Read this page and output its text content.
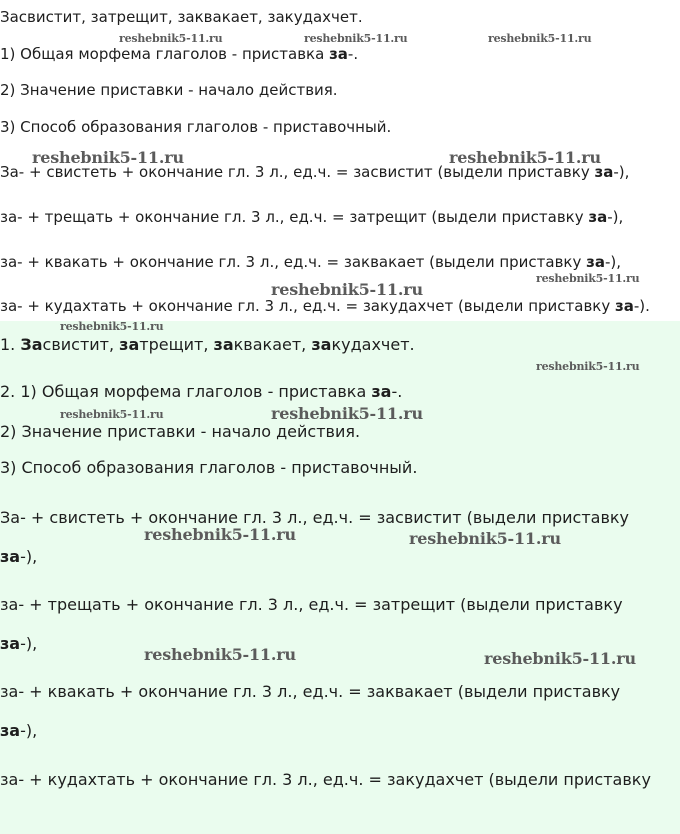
Засвистит, затрещит, заквакает, закудахчет.

1) Общая морфема глаголов - приставка за-.

2) Значение приставки - начало действия.

3) Способ образования глаголов - приставочный.

За- + свистеть + окончание гл. 3 л., ед.ч. = засвистит (выдели приставку за-),

за- + трещать + окончание гл. 3 л., ед.ч. = затрещит (выдели приставку за-),

за- + квакать + окончание гл. 3 л., ед.ч. = заквакает (выдели приставку за-),

за- + кудахтать + окончание гл. 3 л., ед.ч. = закудахчет (выдели приставку за-).

1. Засвистит, затрещит, заквакает, закудахчет.

2. 1) Общая морфема глаголов - приставка за-.

2) Значение приставки - начало действия.

3) Способ образования глаголов - приставочный.

За- + свистеть + окончание гл. 3 л., ед.ч. = засвистит (выдели приставку

за-),

за- + трещать + окончание гл. 3 л., ед.ч. = затрещит (выдели приставку

за-),

за- + квакать + окончание гл. 3 л., ед.ч. = заквакает (выдели приставку

за-),

за- + кудахтать + окончание гл. 3 л., ед.ч. = закудахчет (выдели приставку

reshebnik5-11.ru	reshebnik5-11.ru	reshebnik5-11.ru
reshebnik5-11.ru	reshebnik5-11.ru
reshebnik5-11.ru
reshebnik5-11.ru
reshebnik5-11.ru
reshebnik5-11.ru
reshebnik5-11.ru	reshebnik5-11.ru
reshebnik5-11.ru	reshebnik5-11.ru
reshebnik5-11.ru	reshebnik5-11.ru
